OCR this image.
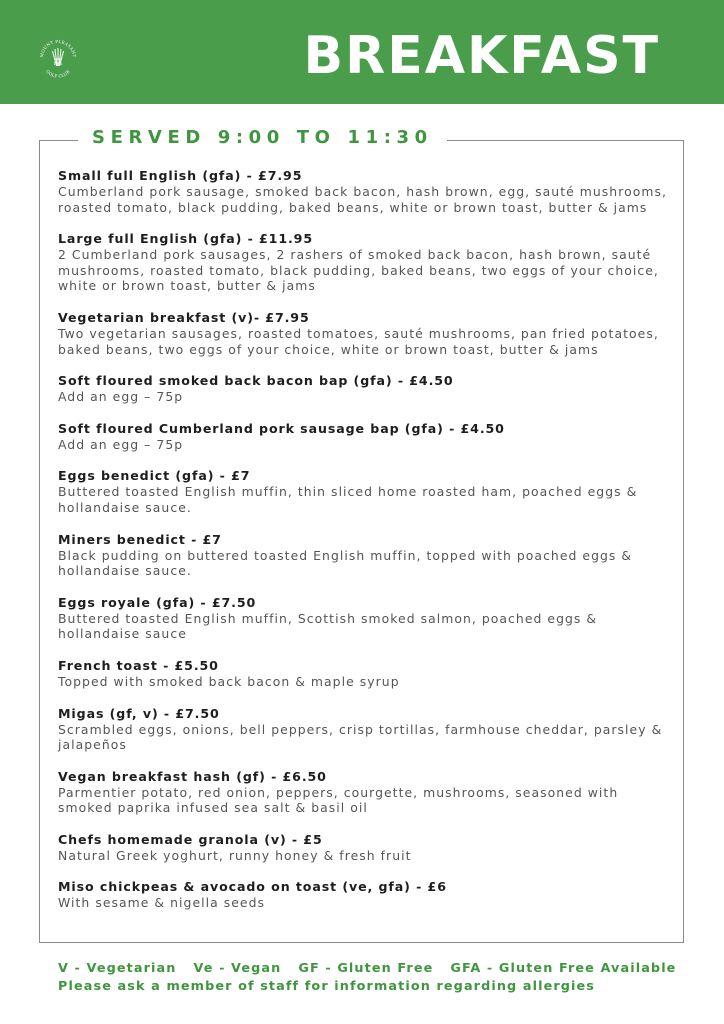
MOUNT PLEASANT
GOLF CLUB
1992	BREAKFAST
SERVED 9:00 TO 11:30
Small full English (gfa) - £7.95
Cumberland pork sausage, smoked back bacon, hash brown, egg, sauté mushrooms, roasted tomato, black pudding, baked beans, white or brown toast, butter & jams
Large full English (gfa) - £11.95
2 Cumberland pork sausages, 2 rashers of smoked back bacon, hash brown, sauté mushrooms, roasted tomato, black pudding, baked beans, two eggs of your choice, white or brown toast, butter & jams
Vegetarian breakfast (v)- £7.95
Two vegetarian sausages, roasted tomatoes, sauté mushrooms, pan fried potatoes, baked beans, two eggs of your choice, white or brown toast, butter & jams
Soft floured smoked back bacon bap (gfa) - £4.50
Add an egg – 75p
Soft floured Cumberland pork sausage bap (gfa) - £4.50
Add an egg – 75p
Eggs benedict (gfa) - £7
Buttered toasted English muffin, thin sliced home roasted ham, poached eggs & hollandaise sauce.
Miners benedict - £7
Black pudding on buttered toasted English muffin, topped with poached eggs & hollandaise sauce.
Eggs royale (gfa) - £7.50
Buttered toasted English muffin, Scottish smoked salmon, poached eggs & hollandaise sauce
French toast - £5.50
Topped with smoked back bacon & maple syrup
Migas (gf, v) - £7.50
Scrambled eggs, onions, bell peppers, crisp tortillas, farmhouse cheddar, parsley & jalapeños
Vegan breakfast hash (gf) - £6.50
Parmentier potato, red onion, peppers, courgette, mushrooms, seasoned with smoked paprika infused sea salt & basil oil
Chefs homemade granola (v) - £5
Natural Greek yoghurt, runny honey & fresh fruit
Miso chickpeas & avocado on toast (ve, gfa) - £6
With sesame & nigella seeds
V - Vegetarian Ve - Vegan GF - Gluten Free GFA - Gluten Free Available
Please ask a member of staff for information regarding allergies
